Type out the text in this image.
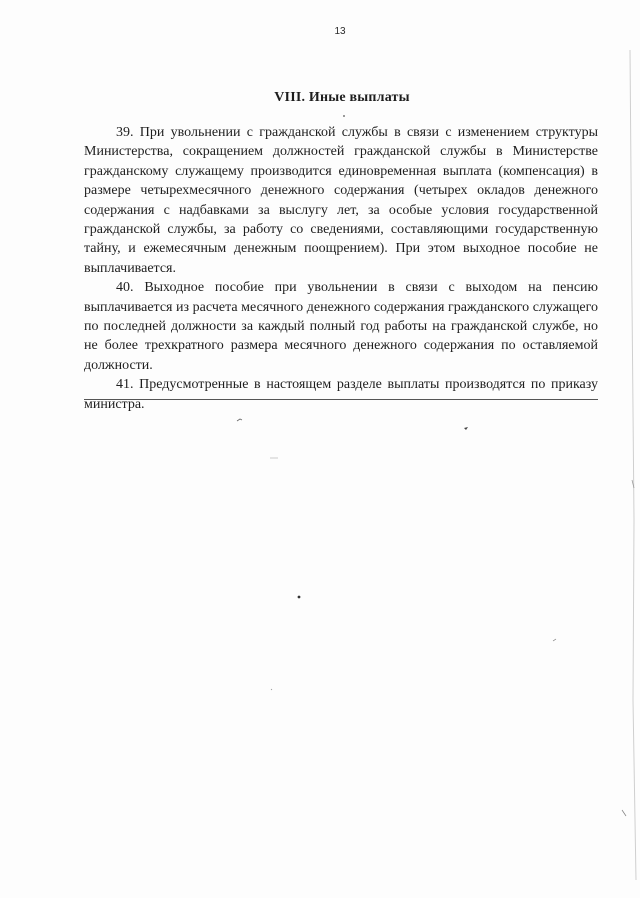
13
VIII. Иные выплаты

39. При увольнении с гражданской службы в связи с изменением структуры Министерства, сокращением должностей гражданской службы в Министерстве гражданскому служащему производится единовременная выплата (компенсация) в размере четырехмесячного денежного содержания (четырех окладов денежного содержания с надбавками за выслугу лет, за особые условия государственной гражданской службы, за работу со сведениями, составляющими государственную тайну, и ежемесячным денежным поощрением). При этом выходное пособие не выплачивается.

40. Выходное пособие при увольнении в связи с выходом на пенсию выплачивается из расчета месячного денежного содержания гражданского служащего по последней должности за каждый полный год работы на гражданской службе, но не более трехкратного размера месячного денежного содержания по оставляемой должности.

41. Предусмотренные в настоящем разделе выплаты производятся по приказу министра.
